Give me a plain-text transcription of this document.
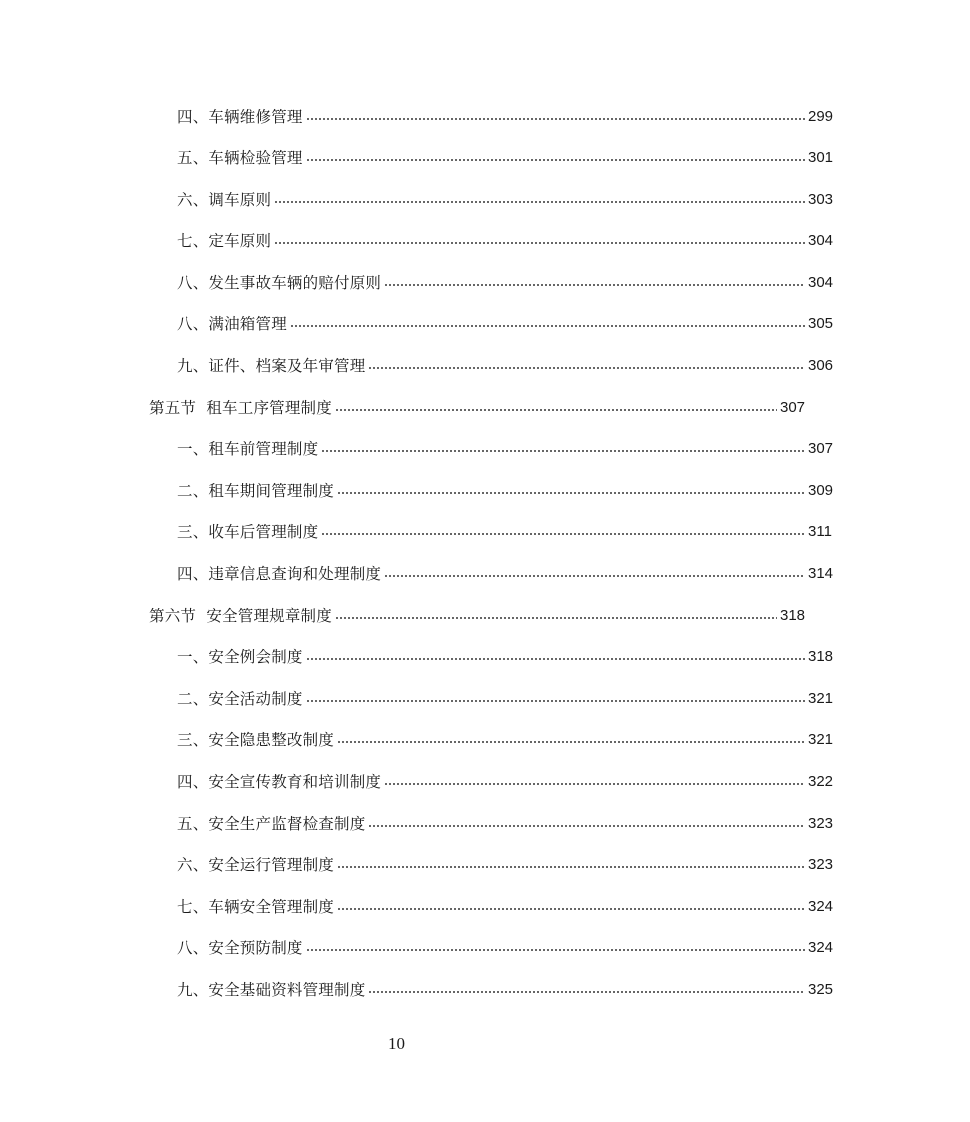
四、车辆维修管理	299
五、车辆检验管理	301
六、调车原则	303
七、定车原则	304
八、发生事故车辆的赔付原则	304
八、满油箱管理	305
九、证件、档案及年审管理	306
第五节  租车工序管理制度	307
一、租车前管理制度	307
二、租车期间管理制度	309
三、收车后管理制度	311
四、违章信息查询和处理制度	314
第六节  安全管理规章制度	318
一、安全例会制度	318
二、安全活动制度	321
三、安全隐患整改制度	321
四、安全宣传教育和培训制度	322
五、安全生产监督检查制度	323
六、安全运行管理制度	323
七、车辆安全管理制度	324
八、安全预防制度	324
九、安全基础资料管理制度	325
10
